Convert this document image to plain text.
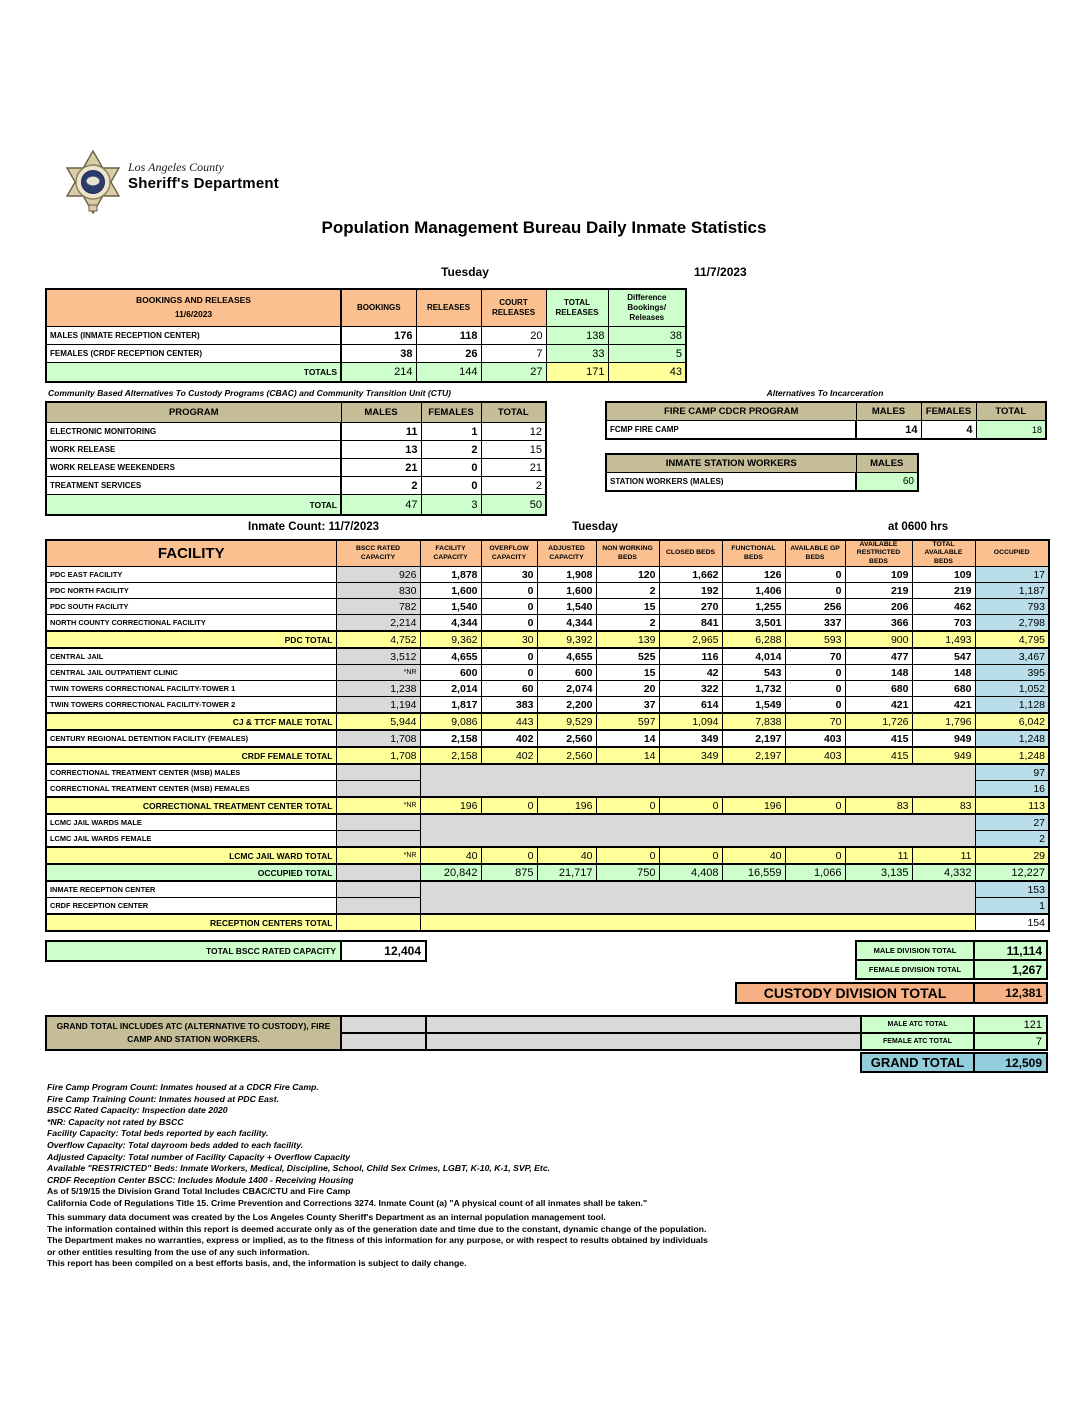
Los Angeles County
Sheriff's Department
Population Management Bureau Daily Inmate Statistics
Tuesday	11/7/2023
BOOKINGS AND RELEASES
11/6/2023	BOOKINGS	RELEASES	COURT RELEASES	TOTAL RELEASES	Difference Bookings/ Releases
MALES (INMATE RECEPTION CENTER)	176	118	20	138	38
FEMALES (CRDF RECEPTION CENTER)	38	26	7	33	5
TOTALS	214	144	27	171	43
Community Based Alternatives To Custody Programs (CBAC) and Community Transition Unit (CTU)
PROGRAM	MALES	FEMALES	TOTAL
ELECTRONIC MONITORING	11	1	12
WORK RELEASE	13	2	15
WORK RELEASE WEEKENDERS	21	0	21
TREATMENT SERVICES	2	0	2
TOTAL	47	3	50
Alternatives To Incarceration
FIRE CAMP CDCR PROGRAM	MALES	FEMALES	TOTAL
FCMP FIRE CAMP	14	4	18
INMATE STATION WORKERS	MALES
STATION WORKERS (MALES)	60
Inmate Count: 11/7/2023	Tuesday	at 0600 hrs
FACILITY	BSCC RATED CAPACITY	FACILITY CAPACITY	OVERFLOW CAPACITY	ADJUSTED CAPACITY	NON WORKING BEDS	CLOSED BEDS	FUNCTIONAL BEDS	AVAILABLE GP BEDS	AVAILABLE RESTRICTED BEDS	TOTAL AVAILABLE BEDS	OCCUPIED
PDC EAST FACILITY	926	1,878	30	1,908	120	1,662	126	0	109	109	17
PDC NORTH FACILITY	830	1,600	0	1,600	2	192	1,406	0	219	219	1,187
PDC SOUTH FACILITY	782	1,540	0	1,540	15	270	1,255	256	206	462	793
NORTH COUNTY CORRECTIONAL FACILITY	2,214	4,344	0	4,344	2	841	3,501	337	366	703	2,798
PDC TOTAL	4,752	9,362	30	9,392	139	2,965	6,288	593	900	1,493	4,795
CENTRAL JAIL	3,512	4,655	0	4,655	525	116	4,014	70	477	547	3,467
CENTRAL JAIL OUTPATIENT CLINIC	*NR	600	0	600	15	42	543	0	148	148	395
TWIN TOWERS CORRECTIONAL FACILITY-TOWER 1	1,238	2,014	60	2,074	20	322	1,732	0	680	680	1,052
TWIN TOWERS CORRECTIONAL FACILITY-TOWER 2	1,194	1,817	383	2,200	37	614	1,549	0	421	421	1,128
CJ & TTCF MALE TOTAL	5,944	9,086	443	9,529	597	1,094	7,838	70	1,726	1,796	6,042
CENTURY REGIONAL DETENTION FACILITY (FEMALES)	1,708	2,158	402	2,560	14	349	2,197	403	415	949	1,248
CRDF FEMALE TOTAL	1,708	2,158	402	2,560	14	349	2,197	403	415	949	1,248
CORRECTIONAL TREATMENT CENTER (MSB) MALES											97
CORRECTIONAL TREATMENT CENTER (MSB) FEMALES											16
CORRECTIONAL TREATMENT CENTER TOTAL	*NR	196	0	196	0	0	196	0	83	83	113
LCMC JAIL WARDS MALE											27
LCMC JAIL WARDS FEMALE											2
LCMC JAIL WARD TOTAL	*NR	40	0	40	0	0	40	0	11	11	29
OCCUPIED TOTAL		20,842	875	21,717	750	4,408	16,559	1,066	3,135	4,332	12,227
INMATE RECEPTION CENTER											153
CRDF RECEPTION CENTER											1
RECEPTION CENTERS TOTAL											154
TOTAL BSCC RATED CAPACITY	12,404	MALE DIVISION TOTAL	11,114
FEMALE DIVISION TOTAL	1,267
CUSTODY DIVISION TOTAL	12,381
GRAND TOTAL INCLUDES ATC (ALTERNATIVE TO CUSTODY), FIRE CAMP AND STATION WORKERS.
MALE ATC TOTAL	121
FEMALE ATC TOTAL	7
GRAND TOTAL	12,509
Fire Camp Program Count: Inmates housed at a CDCR Fire Camp.
Fire Camp Training Count: Inmates housed at PDC East.
BSCC Rated Capacity: Inspection date 2020
*NR: Capacity not rated by BSCC
Facility Capacity: Total beds reported by each facility.
Overflow Capacity: Total dayroom beds added to each facility.
Adjusted Capacity: Total number of Facility Capacity + Overflow Capacity
Available "RESTRICTED" Beds: Inmate Workers, Medical, Discipline, School, Child Sex Crimes, LGBT, K-10, K-1, SVP, Etc.
CRDF Reception Center BSCC: Includes Module 1400 - Receiving Housing
As of 5/19/15 the Division Grand Total Includes CBAC/CTU and Fire Camp
California Code of Regulations Title 15. Crime Prevention and Corrections 3274. Inmate Count (a) "A physical count of all inmates shall be taken."
This summary data document was created by the Los Angeles County Sheriff's Department as an internal population management tool.
The information contained within this report is deemed accurate only as of the generation date and time due to the constant, dynamic change of the population.
The Department makes no warranties, express or implied, as to the fitness of this information for any purpose, or with respect to results obtained by individuals
or other entities resulting from the use of any such information.
This report has been compiled on a best efforts basis, and, the information is subject to daily change.
